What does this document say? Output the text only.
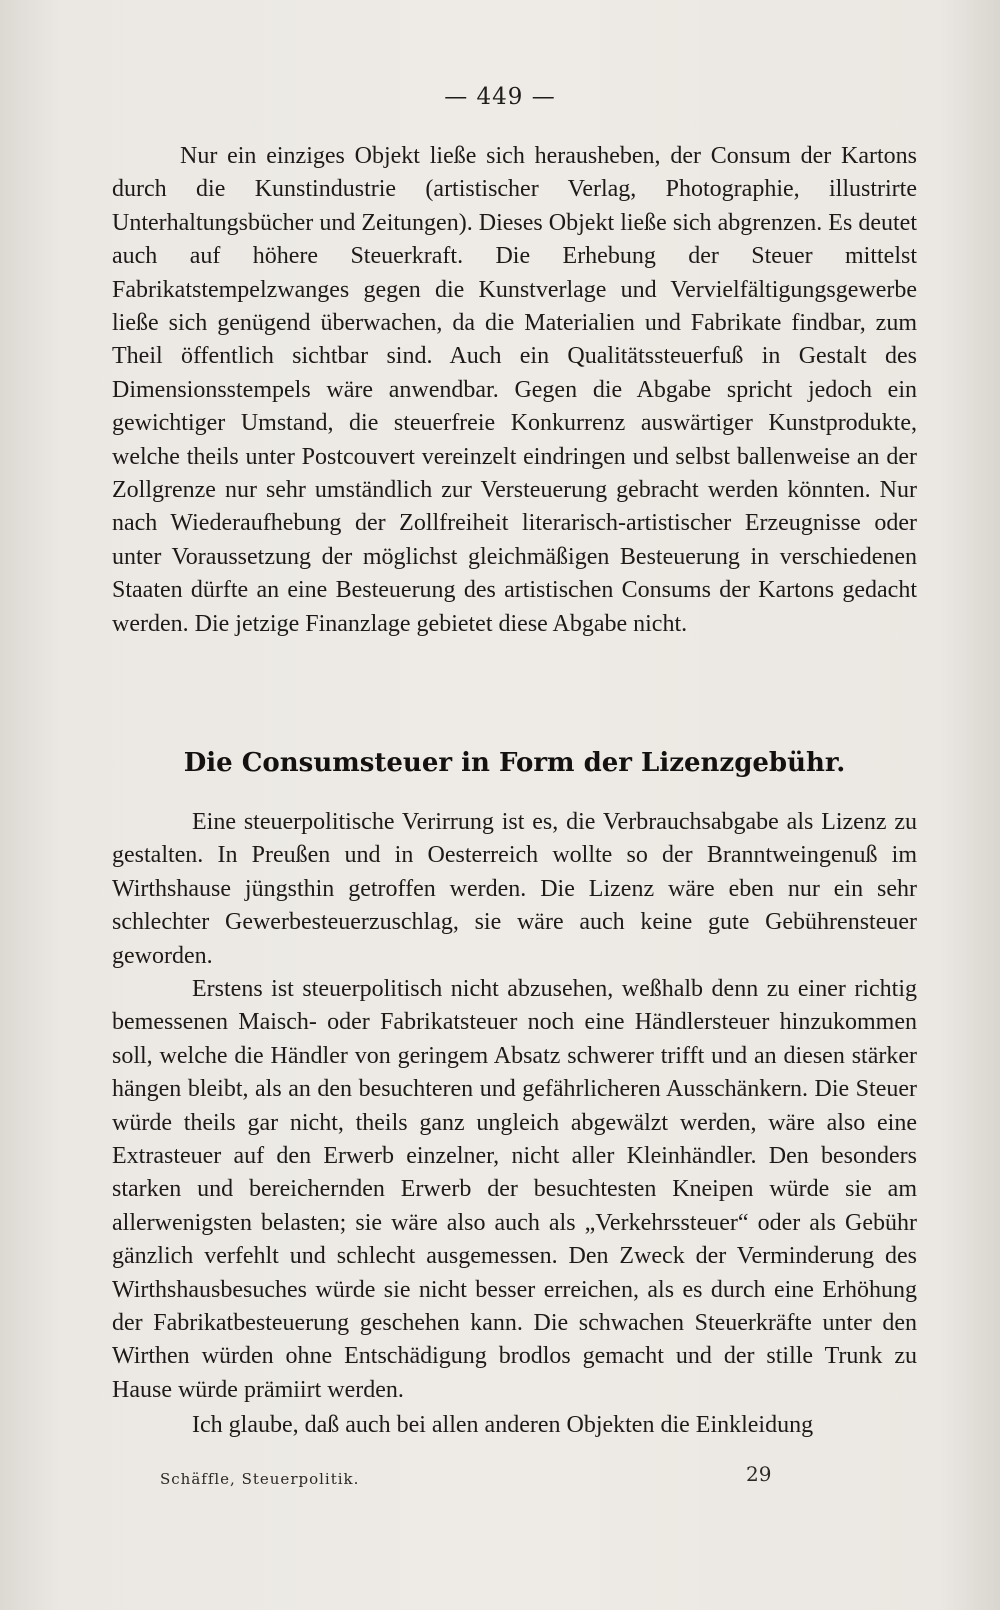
— 449 —
Nur ein einziges Objekt ließe sich herausheben, der Consum der Kartons durch die Kunstindustrie (artistischer Verlag, Photographie, illustrirte Unterhaltungsbücher und Zeitungen). Dieses Objekt ließe sich abgrenzen. Es deutet auch auf höhere Steuerkraft. Die Erhebung der Steuer mittelst Fabrikatstempelzwanges gegen die Kunstverlage und Vervielfältigungsgewerbe ließe sich genügend überwachen, da die Materialien und Fabrikate findbar, zum Theil öffentlich sichtbar sind. Auch ein Qualitätssteuerfuß in Gestalt des Dimensionsstempels wäre anwendbar. Gegen die Abgabe spricht jedoch ein gewichtiger Umstand, die steuerfreie Konkurrenz auswärtiger Kunstprodukte, welche theils unter Postcouvert vereinzelt eindringen und selbst ballenweise an der Zollgrenze nur sehr umständlich zur Versteuerung gebracht werden könnten. Nur nach Wiederaufhebung der Zollfreiheit literarisch-artistischer Erzeugnisse oder unter Voraussetzung der möglichst gleichmäßigen Besteuerung in verschiedenen Staaten dürfte an eine Besteuerung des artistischen Consums der Kartons gedacht werden. Die jetzige Finanzlage gebietet diese Abgabe nicht.
Die Consumsteuer in Form der Lizenzgebühr.
Eine steuerpolitische Verirrung ist es, die Verbrauchsabgabe als Lizenz zu gestalten. In Preußen und in Oesterreich wollte so der Branntweingenuß im Wirthshause jüngsthin getroffen werden. Die Lizenz wäre eben nur ein sehr schlechter Gewerbesteuerzuschlag, sie wäre auch keine gute Gebührensteuer geworden.
Erstens ist steuerpolitisch nicht abzusehen, weßhalb denn zu einer richtig bemessenen Maisch- oder Fabrikatsteuer noch eine Händlersteuer hinzukommen soll, welche die Händler von geringem Absatz schwerer trifft und an diesen stärker hängen bleibt, als an den besuchteren und gefährlicheren Ausschänkern. Die Steuer würde theils gar nicht, theils ganz ungleich abgewälzt werden, wäre also eine Extrasteuer auf den Erwerb einzelner, nicht aller Kleinhändler. Den besonders starken und bereichernden Erwerb der besuchtesten Kneipen würde sie am allerwenigsten belasten; sie wäre also auch als „Verkehrssteuer“ oder als Gebühr gänzlich verfehlt und schlecht ausgemessen. Den Zweck der Verminderung des Wirthshausbesuches würde sie nicht besser erreichen, als es durch eine Erhöhung der Fabrikatbesteuerung geschehen kann. Die schwachen Steuerkräfte unter den Wirthen würden ohne Entschädigung brodlos gemacht und der stille Trunk zu Hause würde prämiirt werden.
Ich glaube, daß auch bei allen anderen Objekten die Einkleidung
Schäffle, Steuerpolitik.	29
